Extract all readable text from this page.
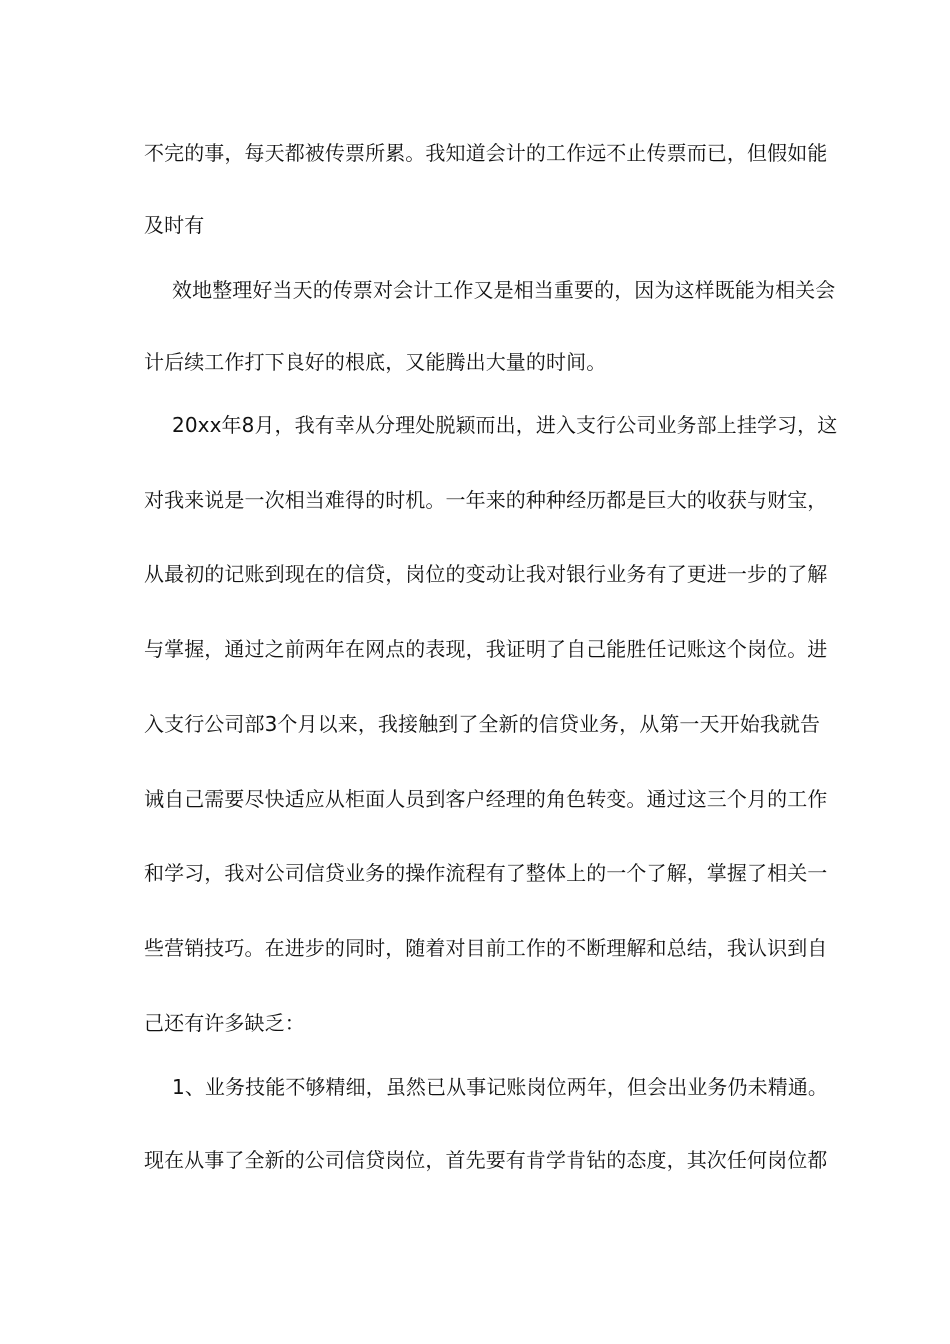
不完的事，每天都被传票所累。我知道会计的工作远不止传票而已，但假如能
及时有
效地整理好当天的传票对会计工作又是相当重要的，因为这样既能为相关会
计后续工作打下良好的根底，又能腾出大量的时间。
20xx年8月，我有幸从分理处脱颖而出，进入支行公司业务部上挂学习，这
对我来说是一次相当难得的时机。一年来的种种经历都是巨大的收获与财宝，
从最初的记账到现在的信贷，岗位的变动让我对银行业务有了更进一步的了解
与掌握，通过之前两年在网点的表现，我证明了自己能胜任记账这个岗位。进
入支行公司部3个月以来，我接触到了全新的信贷业务，从第一天开始我就告
诫自己需要尽快适应从柜面人员到客户经理的角色转变。通过这三个月的工作
和学习，我对公司信贷业务的操作流程有了整体上的一个了解，掌握了相关一
些营销技巧。在进步的同时，随着对目前工作的不断理解和总结，我认识到自
己还有许多缺乏：
1、业务技能不够精细，虽然已从事记账岗位两年，但会出业务仍未精通。
现在从事了全新的公司信贷岗位，首先要有肯学肯钻的态度，其次任何岗位都
